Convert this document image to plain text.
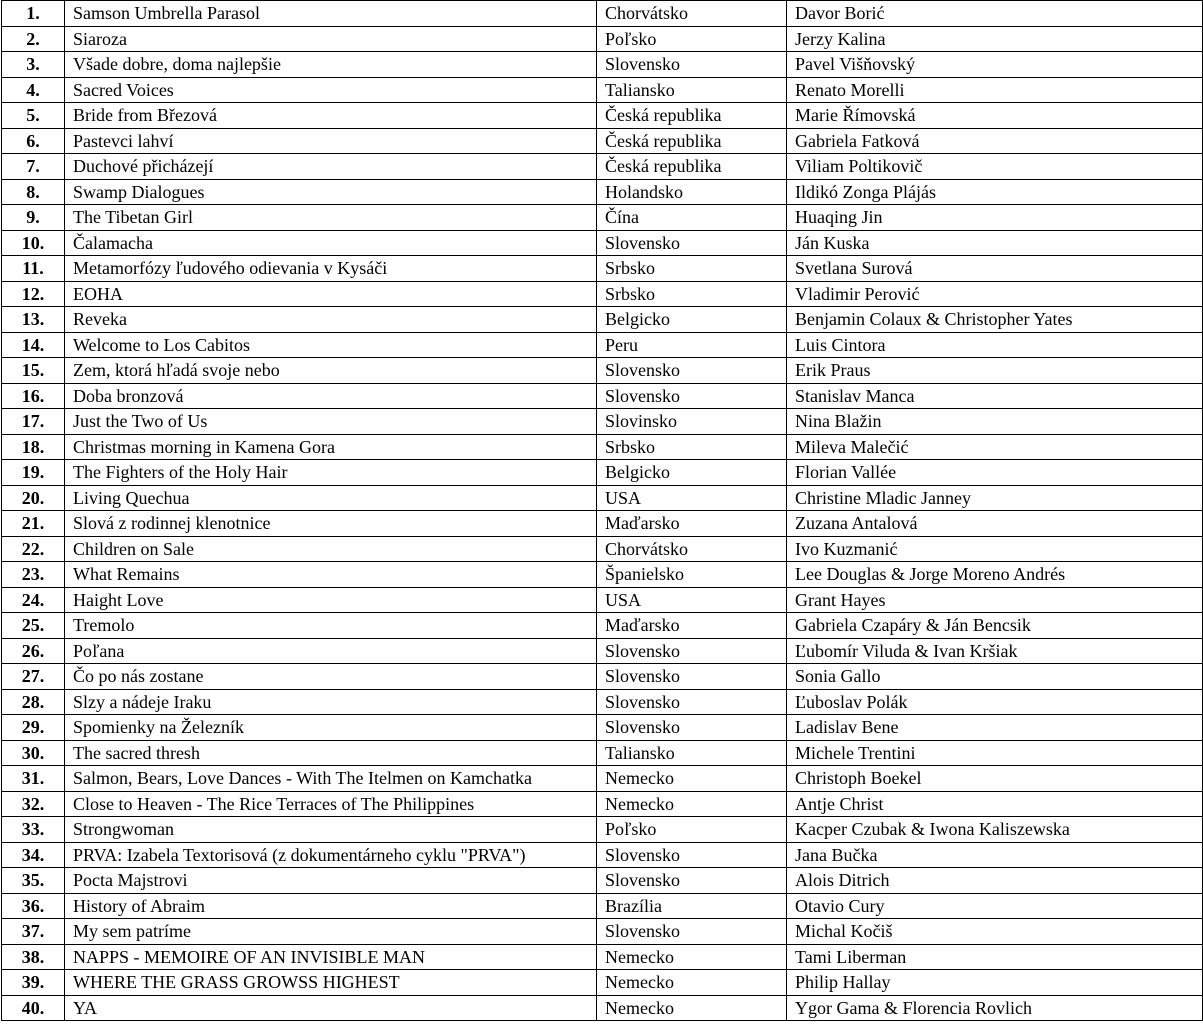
1.	Samson Umbrella Parasol	Chorvátsko	Davor Borić
2.	Siaroza	Poľsko	Jerzy Kalina
3.	Všade dobre, doma najlepšie	Slovensko	Pavel Višňovský
4.	Sacred Voices	Taliansko	Renato Morelli
5.	Bride from Březová	Česká republika	Marie Římovská
6.	Pastevci lahví	Česká republika	Gabriela Fatková
7.	Duchové přicházejí	Česká republika	Viliam Poltikovič
8.	Swamp Dialogues	Holandsko	Ildikó Zonga Plájás
9.	The Tibetan Girl	Čína	Huaqing Jin
10.	Čalamacha	Slovensko	Ján Kuska
11.	Metamorfózy ľudového odievania v Kysáči	Srbsko	Svetlana Surová
12.	EOHA	Srbsko	Vladimir Perović
13.	Reveka	Belgicko	Benjamin Colaux & Christopher Yates
14.	Welcome to Los Cabitos	Peru	Luis Cintora
15.	Zem, ktorá hľadá svoje nebo	Slovensko	Erik Praus
16.	Doba bronzová	Slovensko	Stanislav Manca
17.	Just the Two of Us	Slovinsko	Nina Blažin
18.	Christmas morning in Kamena Gora	Srbsko	Mileva Malečić
19.	The Fighters of the Holy Hair	Belgicko	Florian Vallée
20.	Living Quechua	USA	Christine Mladic Janney
21.	Slová z rodinnej klenotnice	Maďarsko	Zuzana Antalová
22.	Children on Sale	Chorvátsko	Ivo Kuzmanić
23.	What Remains	Španielsko	Lee Douglas & Jorge Moreno Andrés
24.	Haight Love	USA	Grant Hayes
25.	Tremolo	Maďarsko	Gabriela Czapáry & Ján Bencsik
26.	Poľana	Slovensko	Ľubomír Viluda & Ivan Kršiak
27.	Čo po nás zostane	Slovensko	Sonia Gallo
28.	Slzy a nádeje Iraku	Slovensko	Ľuboslav Polák
29.	Spomienky na Železník	Slovensko	Ladislav Bene
30.	The sacred thresh	Taliansko	Michele Trentini
31.	Salmon, Bears, Love Dances - With The Itelmen on Kamchatka	Nemecko	Christoph Boekel
32.	Close to Heaven - The Rice Terraces of The Philippines	Nemecko	Antje Christ
33.	Strongwoman	Poľsko	Kacper Czubak & Iwona Kaliszewska
34.	PRVA: Izabela Textorisová (z dokumentárneho cyklu "PRVA")	Slovensko	Jana Bučka
35.	Pocta Majstrovi	Slovensko	Alois Ditrich
36.	History of Abraim	Brazília	Otavio Cury
37.	My sem patríme	Slovensko	Michal Kočiš
38.	NAPPS - MEMOIRE OF AN INVISIBLE MAN	Nemecko	Tami Liberman
39.	WHERE THE GRASS GROWSS HIGHEST	Nemecko	Philip Hallay
40.	YA	Nemecko	Ygor Gama & Florencia Rovlich
